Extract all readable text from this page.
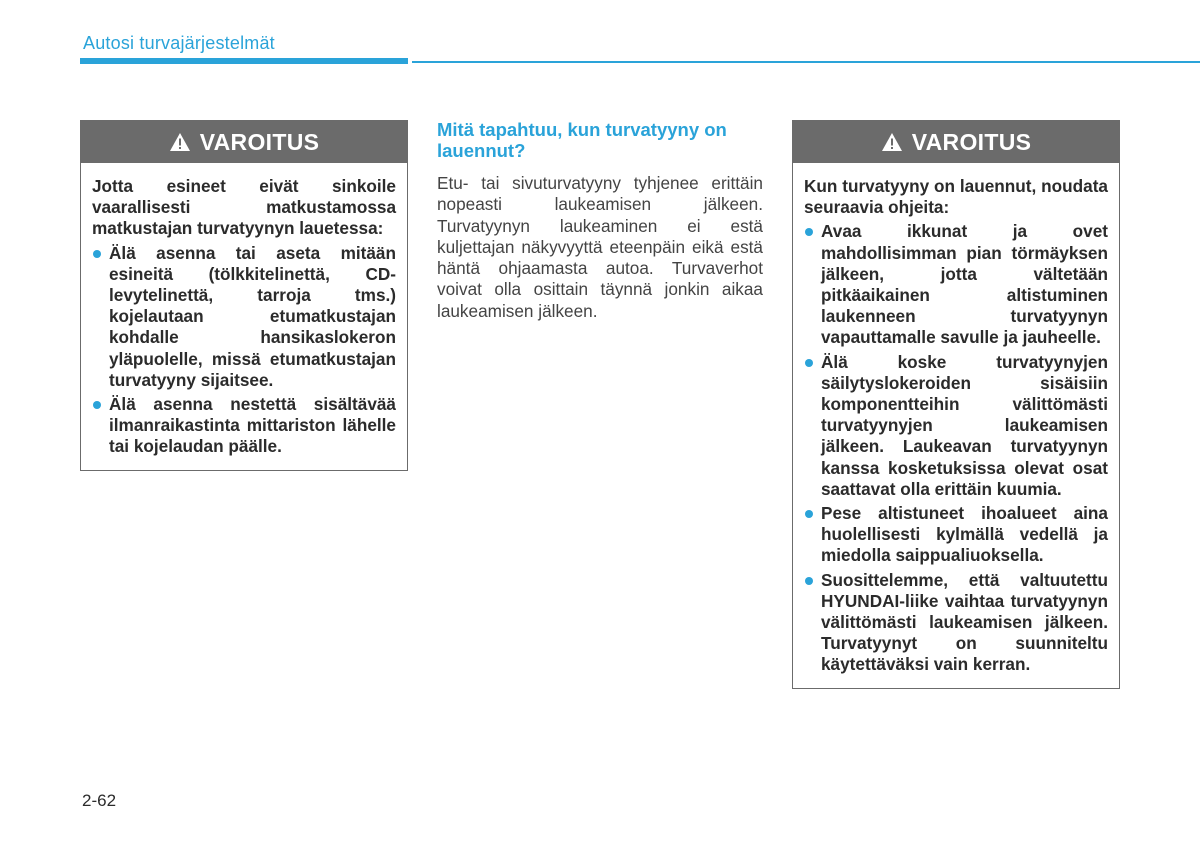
Autosi turvajärjestelmät
VAROITUS

Jotta esineet eivät sinkoile vaarallisesti matkustamossa matkustajan turvatyynyn lauetessa:

Älä asenna tai aseta mitään esineitä (tölkkitelinettä, CD-levytelinettä, tarroja tms.) kojelautaan etumatkustajan kohdalle hansikaslokeron yläpuolelle, missä etumatkustajan turvatyyny sijaitsee.
Älä asenna nestettä sisältävää ilmanraikastinta mittariston lähelle tai kojelaudan päälle.
Mitä tapahtuu, kun turvatyyny on lauennut?

Etu- tai sivuturvatyyny tyhjenee erittäin nopeasti laukeamisen jälkeen. Turvatyynyn laukeaminen ei estä kuljettajan näkyvyyttä eteenpäin eikä estä häntä ohjaamasta autoa. Turvaverhot voivat olla osittain täynnä jonkin aikaa laukeamisen jälkeen.

VAROITUS

Kun turvatyyny on lauennut, noudata seuraavia ohjeita:

Avaa ikkunat ja ovet mahdollisimman pian törmäyksen jälkeen, jotta vältetään pitkäaikainen altistuminen laukenneen turvatyynyn vapauttamalle savulle ja jauheelle.
Älä koske turvatyynyjen säilytyslokeroiden sisäisiin komponentteihin välittömästi turvatyynyjen laukeamisen jälkeen. Laukeavan turvatyynyn kanssa kosketuksissa olevat osat saattavat olla erittäin kuumia.
Pese altistuneet ihoalueet aina huolellisesti kylmällä vedellä ja miedolla saippualiuoksella.
Suosittelemme, että valtuutettu HYUNDAI-liike vaihtaa turvatyynyn välittömästi laukeamisen jälkeen. Turvatyynyt on suunniteltu käytettäväksi vain kerran.
2-62
